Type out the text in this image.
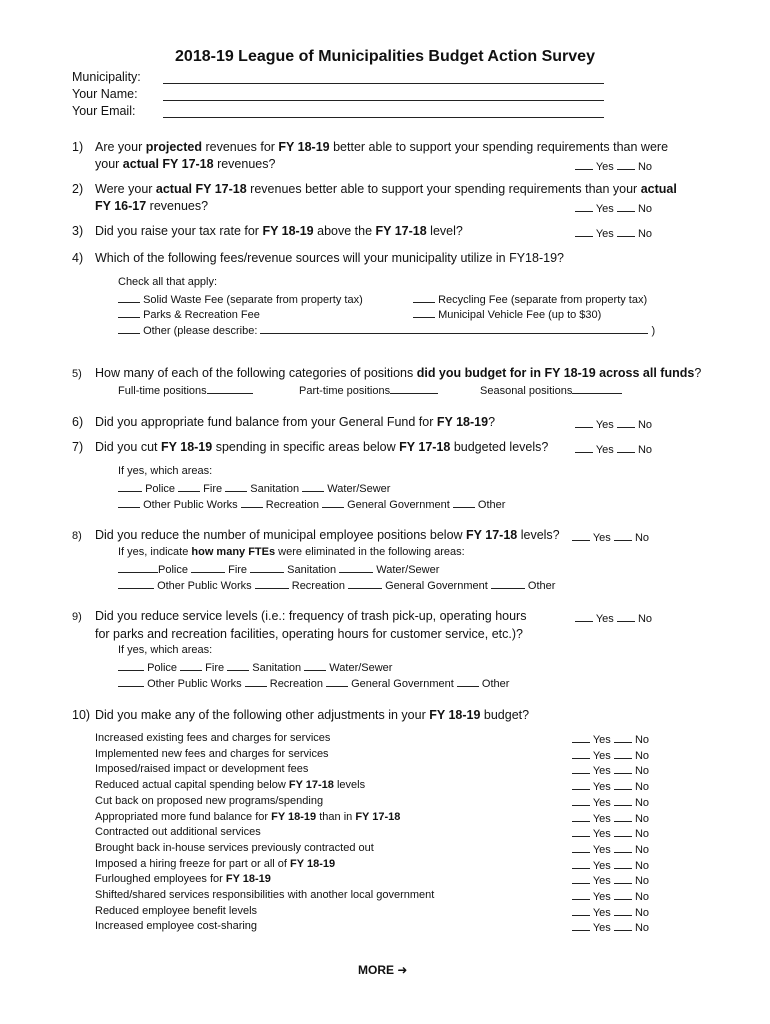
2018-19 League of Municipalities Budget Action Survey
Municipality:
Your Name:
Your Email:
1) Are your projected revenues for FY 18-19 better able to support your spending requirements than were
your actual FY 17-18 revenues?	Yes No
2) Were your actual FY 17-18 revenues better able to support your spending requirements than your actual
FY 16-17 revenues?	Yes No
3) Did you raise your tax rate for FY 18-19 above the FY 17-18 level?	Yes No
4) Which of the following fees/revenue sources will your municipality utilize in FY18-19?
Check all that apply:
Solid Waste Fee (separate from property tax)	Recycling Fee (separate from property tax)
Parks & Recreation Fee	Municipal Vehicle Fee (up to $30)
Other (please describe:	)
5) How many of each of the following categories of positions did you budget for in FY 18-19 across all funds?
Full-time positions	Part-time positions	Seasonal positions
6) Did you appropriate fund balance from your General Fund for FY 18-19?	Yes No
7) Did you cut FY 18-19 spending in specific areas below FY 17-18 budgeted levels?	Yes No
If yes, which areas:
Police	Fire	Sanitation	Water/Sewer
Other Public Works	Recreation	General Government	Other
8) Did you reduce the number of municipal employee positions below FY 17-18 levels?	Yes No
If yes, indicate how many FTEs were eliminated in the following areas:
Police	Fire	Sanitation	Water/Sewer
Other Public Works	Recreation	General Government	Other
9) Did you reduce service levels (i.e.: frequency of trash pick-up, operating hours
for parks and recreation facilities, operating hours for customer service, etc.)?
Yes No
If yes, which areas:
Police	Fire	Sanitation	Water/Sewer
Other Public Works	Recreation	General Government	Other
10) Did you make any of the following other adjustments in your FY 18-19 budget?
Increased existing fees and charges for services	Yes No
Implemented new fees and charges for services	Yes No
Imposed/raised impact or development fees	Yes No
Reduced actual capital spending below FY 17-18 levels	Yes No
Cut back on proposed new programs/spending	Yes No
Appropriated more fund balance for FY 18-19 than in FY 17-18	Yes No
Contracted out additional services	Yes No
Brought back in-house services previously contracted out	Yes No
Imposed a hiring freeze for part or all of FY 18-19	Yes No
Furloughed employees for FY 18-19	Yes No
Shifted/shared services responsibilities with another local government	Yes No
Reduced employee benefit levels	Yes No
Increased employee cost-sharing	Yes No
MORE ➜
